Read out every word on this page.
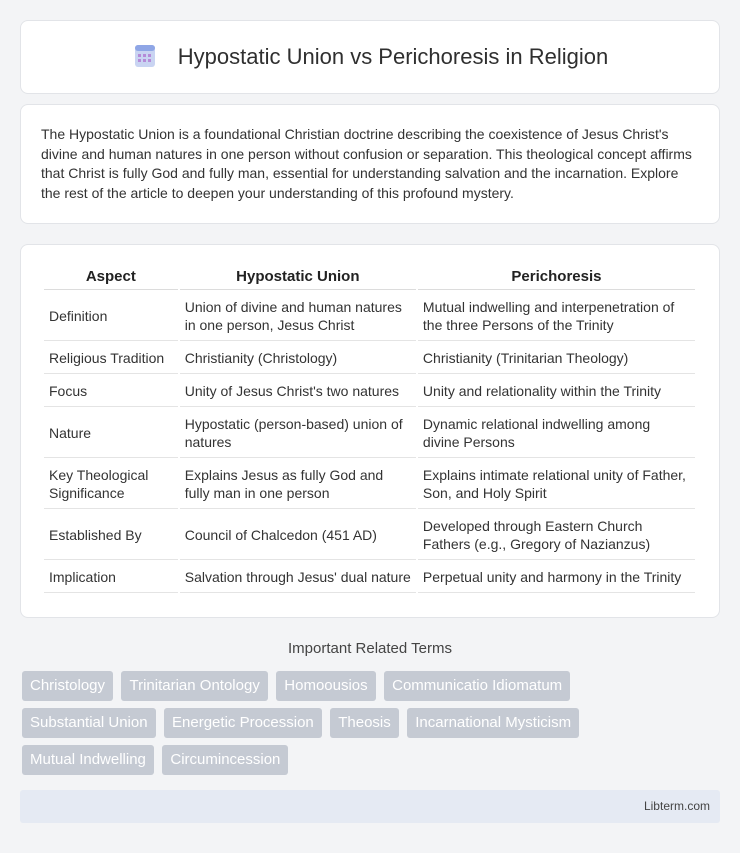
Hypostatic Union vs Perichoresis in Religion

The Hypostatic Union is a foundational Christian doctrine describing the coexistence of Jesus Christ's divine and human natures in one person without confusion or separation. This theological concept affirms that Christ is fully God and fully man, essential for understanding salvation and the incarnation. Explore the rest of the article to deepen your understanding of this profound mystery.

Aspect	Hypostatic Union	Perichoresis
Definition	Union of divine and human natures in one person, Jesus Christ	Mutual indwelling and interpenetration of the three Persons of the Trinity
Religious Tradition	Christianity (Christology)	Christianity (Trinitarian Theology)
Focus	Unity of Jesus Christ's two natures	Unity and relationality within the Trinity
Nature	Hypostatic (person-based) union of natures	Dynamic relational indwelling among divine Persons
Key Theological Significance	Explains Jesus as fully God and fully man in one person	Explains intimate relational unity of Father, Son, and Holy Spirit
Established By	Council of Chalcedon (451 AD)	Developed through Eastern Church Fathers (e.g., Gregory of Nazianzus)
Implication	Salvation through Jesus' dual nature	Perpetual unity and harmony in the Trinity
Important Related Terms
Christology Trinitarian Ontology Homoousios Communicatio Idiomatum
Substantial Union Energetic Procession Theosis Incarnational Mysticism
Mutual Indwelling Circumincession
Libterm.com
